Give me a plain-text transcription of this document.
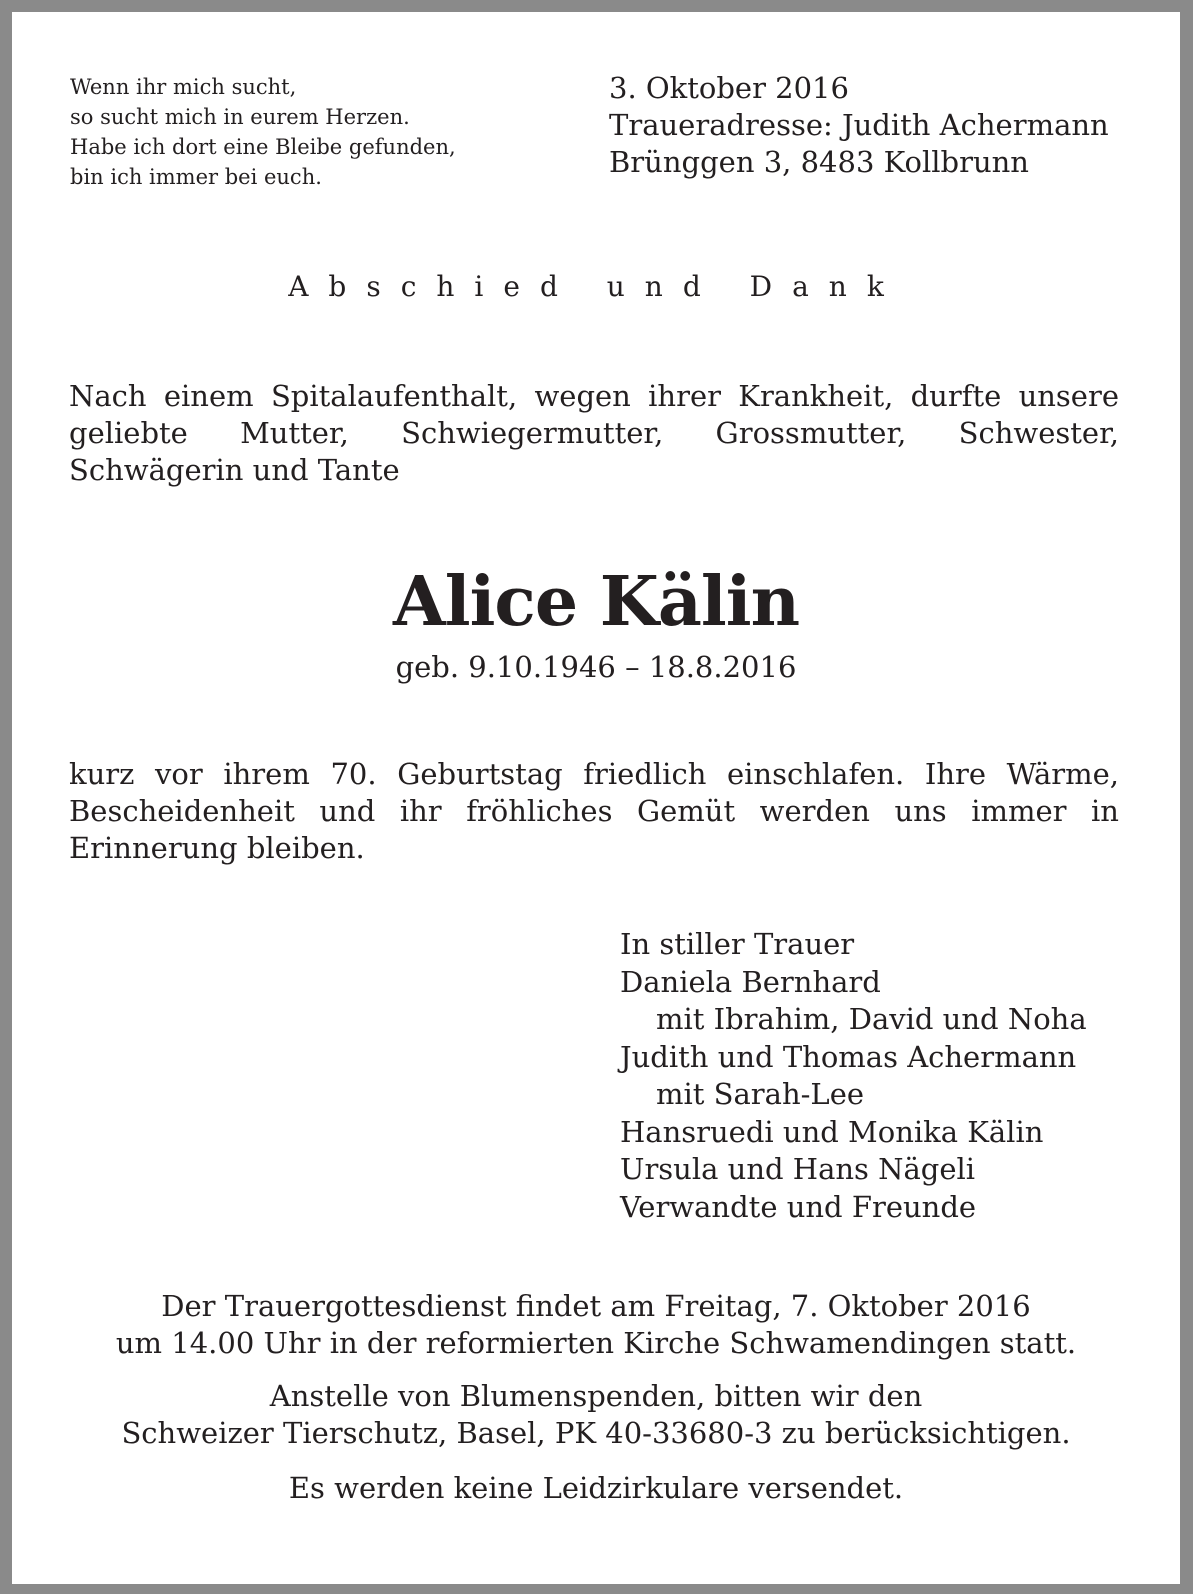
Wenn ihr mich sucht,
so sucht mich in eurem Herzen.
Habe ich dort eine Bleibe gefunden,
bin ich immer bei euch.
3. Oktober 2016
Traueradresse: Judith Achermann
Brünggen 3, 8483 Kollbrunn
Abschied und Dank
Nach einem Spitalaufenthalt, wegen ihrer Krankheit, durfte unsere geliebte Mutter, Schwiegermutter, Grossmutter, Schwester, Schwägerin und Tante
Alice Kälin
geb. 9.10.1946 – 18.8.2016
kurz vor ihrem 70. Geburtstag friedlich einschlafen. Ihre Wärme, Bescheidenheit und ihr fröhliches Gemüt werden uns immer in Erinnerung bleiben.
In stiller Trauer
Daniela Bernhard
mit Ibrahim, David und Noha
Judith und Thomas Achermann
mit Sarah-Lee
Hansruedi und Monika Kälin
Ursula und Hans Nägeli
Verwandte und Freunde
Der Trauergottesdienst findet am Freitag, 7. Oktober 2016
um 14.00 Uhr in der reformierten Kirche Schwamendingen statt.
Anstelle von Blumenspenden, bitten wir den
Schweizer Tierschutz, Basel, PK 40-33680-3 zu berücksichtigen.
Es werden keine Leidzirkulare versendet.
